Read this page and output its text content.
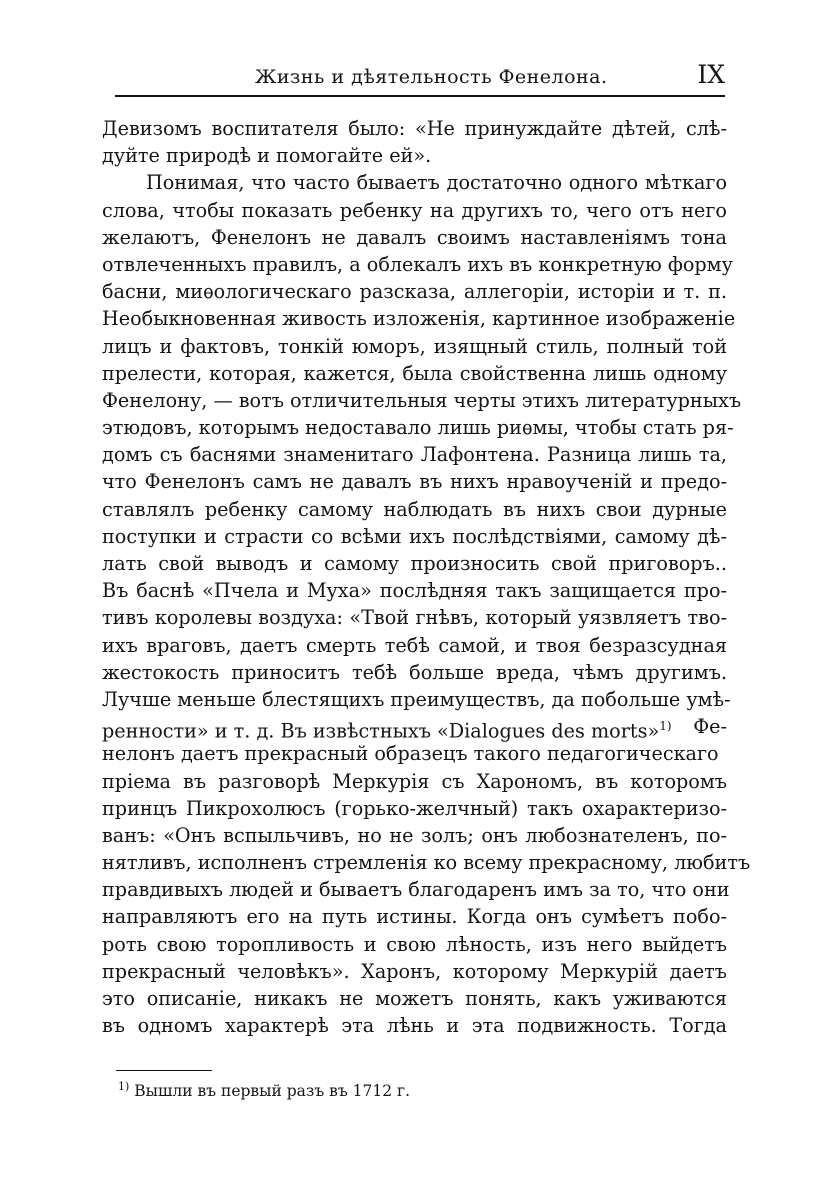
Жизнь и дѣятельность Фенелона.	IX
Девизомъ воспитателя было: «Не принуждайте дѣтей, слѣ-
дуйте природѣ и помогайте ей».
Понимая, что часто бываетъ достаточно одного мѣткаго
слова, чтобы показать ребенку на другихъ то, чего отъ него
желаютъ, Фенелонъ не давалъ своимъ наставленіямъ тона
отвлеченныхъ правилъ, а облекалъ ихъ въ конкретную форму
басни, миѳологическаго разсказа, аллегоріи, исторіи и т. п.
Необыкновенная живость изложенія, картинное изображеніе
лицъ и фактовъ, тонкій юморъ, изящный стиль, полный той
прелести, которая, кажется, была свойственна лишь одному
Фенелону, — вотъ отличительныя черты этихъ литературныхъ
этюдовъ, которымъ недоставало лишь риѳмы, чтобы стать ря-
домъ съ баснями знаменитаго Лафонтена. Разница лишь та,
что Фенелонъ самъ не давалъ въ нихъ нравоученій и предо-
ставлялъ ребенку самому наблюдать въ нихъ свои дурные
поступки и страсти со всѣми ихъ послѣдствіями, самому дѣ-
лать свой выводъ и самому произносить свой приговоръ..
Въ баснѣ «Пчела и Муха» послѣдняя такъ защищается про-
тивъ королевы воздуха: «Твой гнѣвъ, который уязвляетъ тво-
ихъ враговъ, даетъ смерть тебѣ самой, и твоя безразсудная
жестокость приноситъ тебѣ больше вреда, чѣмъ другимъ.
Лучше меньше блестящихъ преимуществъ, да побольше умѣ-
ренности» и т. д. Въ извѣстныхъ «Dialogues des morts»$^{1)}$ Фе-
нелонъ даетъ прекрасный образецъ такого педагогическаго
пріема въ разговорѣ Меркурія съ Харономъ, въ которомъ
принцъ Пикрохолюсъ (горько-желчный) такъ охарактеризо-
ванъ: «Онъ вспыльчивъ, но не золъ; онъ любознателенъ, по-
нятливъ, исполненъ стремленія ко всему прекрасному, любитъ
правдивыхъ людей и бываетъ благодаренъ имъ за то, что они
направляютъ его на путь истины. Когда онъ сумѣетъ побо-
роть свою торопливость и свою лѣность, изъ него выйдетъ
прекрасный человѣкъ». Харонъ, которому Меркурій даетъ
это описаніе, никакъ не можетъ понять, какъ уживаются
въ одномъ характерѣ эта лѣнь и эта подвижность. Тогда
$^{1)}$ Вышли въ первый разъ въ 1712 г.
